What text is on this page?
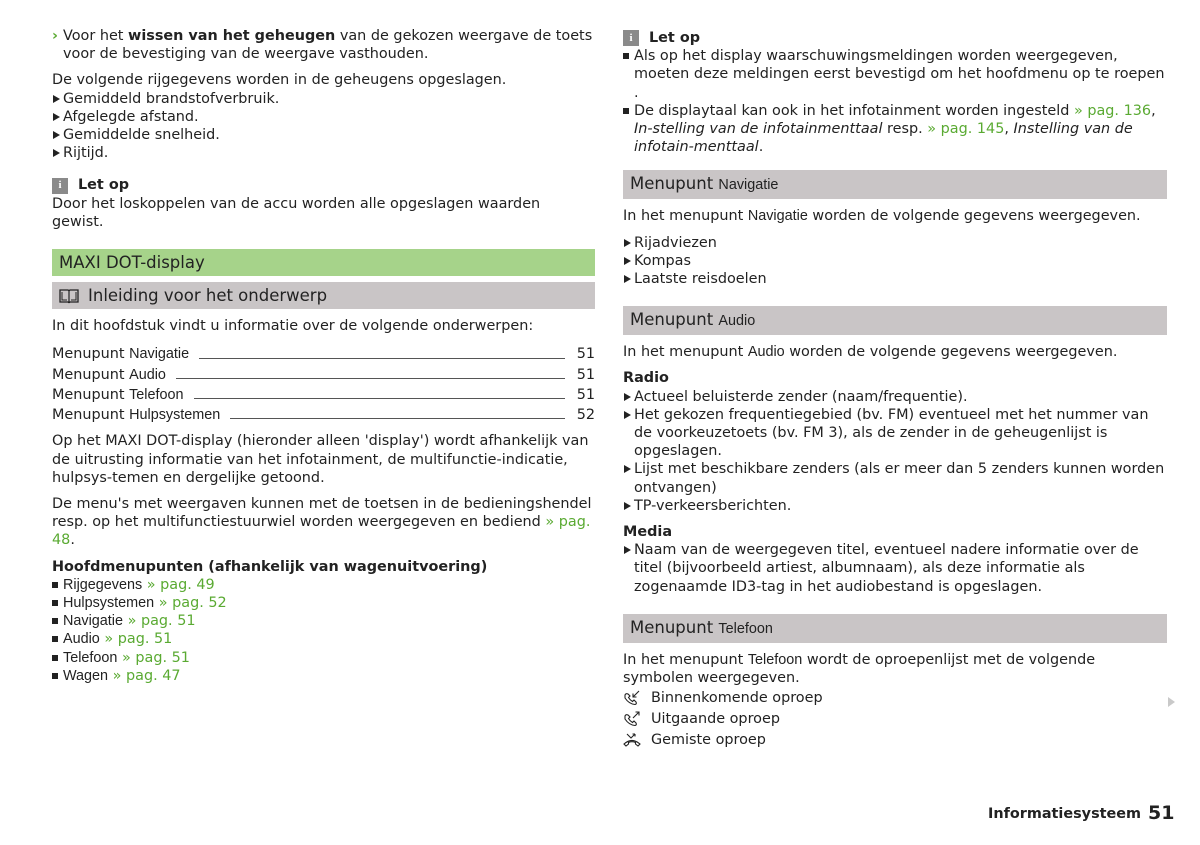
› Voor het wissen van het geheugen van de gekozen weergave de toets voor de bevestiging van de weergave vasthouden.

De volgende rijgegevens worden in de geheugens opgeslagen.

Gemiddeld brandstofverbruik.

Afgelegde afstand.

Gemiddelde snelheid.

Rijtijd.

i	Let op

Door het loskoppelen van de accu worden alle opgeslagen waarden gewist.

MAXI DOT-display
Inleiding voor het onderwerp

In dit hoofdstuk vindt u informatie over de volgende onderwerpen:

Menupunt Navigatie	51
Menupunt Audio	51
Menupunt Telefoon	51
Menupunt Hulpsystemen	52

Op het MAXI DOT-display (hieronder alleen 'display') wordt afhankelijk van de uitrusting informatie van het infotainment, de multifunctie-indicatie, hulpsys-temen en dergelijke getoond.

De menu's met weergaven kunnen met de toetsen in de bedieningshendel resp. op het multifunctiestuurwiel worden weergegeven en bediend » pag. 48.

Hoofdmenupunten (afhankelijk van wagenuitvoering)

Rijgegevens » pag. 49

Hulpsystemen » pag. 52

Navigatie » pag. 51

Audio » pag. 51

Telefoon » pag. 51

Wagen » pag. 47

i	Let op

Als op het display waarschuwingsmeldingen worden weergegeven, moeten deze meldingen eerst bevestigd om het hoofdmenu op te roepen .

De displaytaal kan ook in het infotainment worden ingesteld » pag. 136, In-stelling van de infotainmenttaal resp. » pag. 145, Instelling van de infotain-menttaal.

Menupunt Navigatie

In het menupunt Navigatie worden de volgende gegevens weergegeven.

Rijadviezen

Kompas

Laatste reisdoelen

Menupunt Audio

In het menupunt Audio worden de volgende gegevens weergegeven.

Radio

Actueel beluisterde zender (naam/frequentie).

Het gekozen frequentiegebied (bv. FM) eventueel met het nummer van de voorkeuzetoets (bv. FM 3), als de zender in de geheugenlijst is opgeslagen.

Lijst met beschikbare zenders (als er meer dan 5 zenders kunnen worden ontvangen)

TP-verkeersberichten.

Media

Naam van de weergegeven titel, eventueel nadere informatie over de titel (bijvoorbeeld artiest, albumnaam), als deze informatie als zogenaamde ID3-tag in het audiobestand is opgeslagen.

Menupunt Telefoon

In het menupunt Telefoon wordt de oproepenlijst met de volgende symbolen weergegeven.

Binnenkomende oproep
Uitgaande oproep
Gemiste oproep
Informatiesysteem 51
